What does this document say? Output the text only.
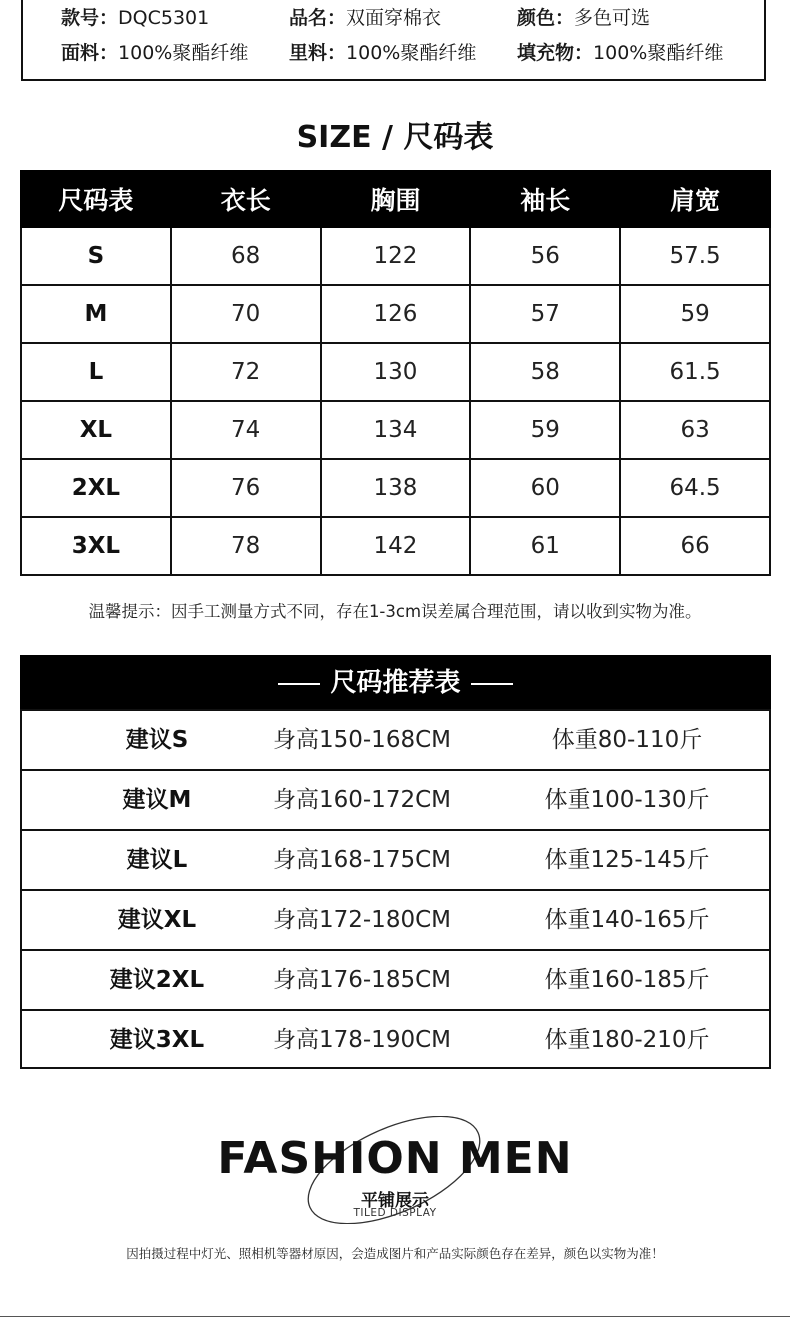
款号：DQC5301	品名：双面穿棉衣	颜色：多色可选
面料：100%聚酯纤维 里料：100%聚酯纤维 填充物：100%聚酯纤维
SIZE / 尺码表
尺码表	衣长	胸围	袖长	肩宽
S	68	122	56	57.5
M	70	126	57	59
L	72	130	58	61.5
XL	74	134	59	63
2XL	76	138	60	64.5
3XL	78	142	61	66
温馨提示：因手工测量方式不同，存在1-3cm误差属合理范围，请以收到实物为准。
尺码推荐表
建议S	身高150-168CM	体重80-110斤
建议M	身高160-172CM	体重100-130斤
建议L	身高168-175CM	体重125-145斤
建议XL	身高172-180CM	体重140-165斤
建议2XL	身高176-185CM	体重160-185斤
建议3XL	身高178-190CM	体重180-210斤
FASHION MEN
平铺展示
TILED DISPLAY
因拍摄过程中灯光、照相机等器材原因，会造成图片和产品实际颜色存在差异，颜色以实物为准！
